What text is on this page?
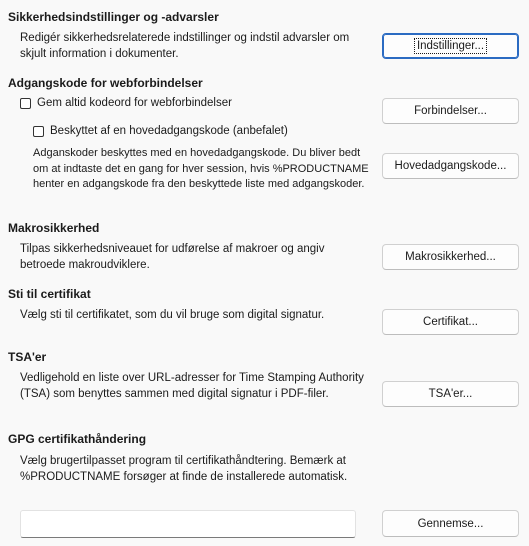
Sikkerhedsindstillinger og -advarsler
Redigér sikkerhedsrelaterede indstillinger og indstil advarsler om skjult information i dokumenter.
Indstillinger...
Adgangskode for webforbindelser
Gem altid kodeord for webforbindelser
Beskyttet af en hovedadgangskode (anbefalet)
Forbindelser...
Adganskoder beskyttes med en hovedadgangskode. Du bliver bedt om at indtaste det en gang for hver session, hvis %PRODUCTNAME henter en adgangskode fra den beskyttede liste med adgangskoder.
Hovedadgangskode...
Makrosikkerhed
Tilpas sikkerhedsniveauet for udførelse af makroer og angiv betroede makroudviklere.
Makrosikkerhed...
Sti til certifikat
Vælg sti til certifikatet, som du vil bruge som digital signatur.
Certifikat...
TSA'er
Vedligehold en liste over URL-adresser for Time Stamping Authority (TSA) som benyttes sammen med digital signatur i PDF-filer.	TSA'er...
GPG certifikathåndering
Vælg brugertilpasset program til certifikathåndtering. Bemærk at %PRODUCTNAME forsøger at finde de installerede automatisk.
Gennemse...
